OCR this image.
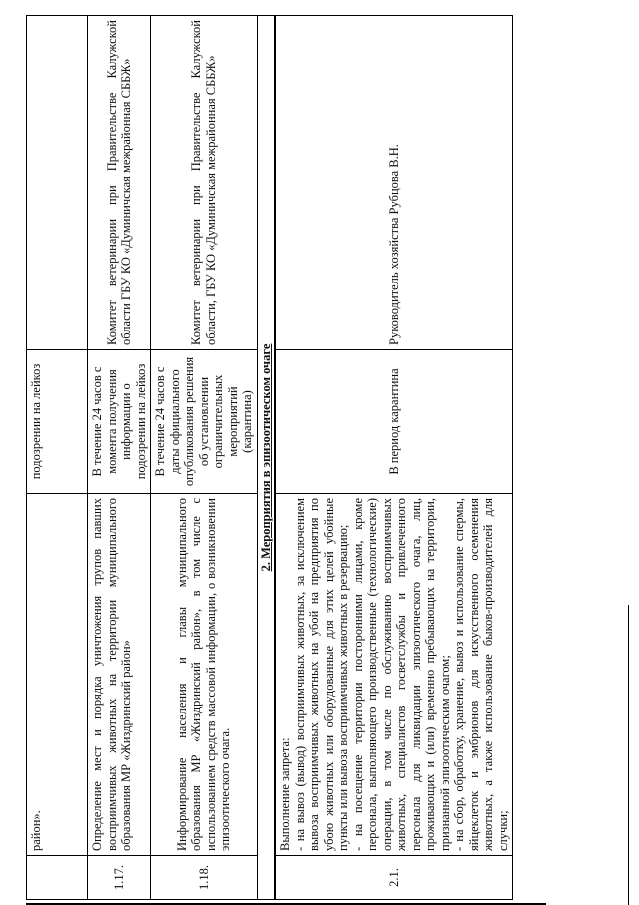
	район».	подозрении на лейкоз	
1.17.	Определение мест и порядка уничтожения трупов павших восприимчивых животных на территории муниципального образования МР «Жиздринский район»	В течение 24 часов с момента получения информации о подозрении на лейкоз	Комитет ветеринарии при Правительстве Калужской области ГБУ КО «Думиничская межрайонная СББЖ»
1.18.	Информирование населения и главы муниципального образования МР «Жиздринский район», в том числе с использованием средств массовой информации, о возникновении эпизоотического очага.	В течение 24 часов с даты официального опубликования решения об установлении ограничительных мероприятий (карантина)	Комитет ветеринарии при Правительстве Калужской области, ГБУ КО «Думиничская межрайонная СББЖ»
2. Мероприятия в эпизоотическом очаге			
2.1.	Выполнение запрета: - на вывоз (вывод) восприимчивых животных, за исключением вывоза восприимчивых животных на убой на предприятия по убою животных или оборудованные для этих целей убойные пункты или вывоза восприимчивых животных в резервацию; - на посещение территории посторонними лицами, кроме персонала, выполняющего производственные (технологические) операции, в том числе по обслуживанию восприимчивых животных, специалистов госветслужбы и привлеченного персонала для ликвидации эпизоотического очага, лиц, проживающих и (или) временно пребывающих на территории, признанной эпизоотическим очагом; - на сбор, обработку, хранение, вывоз и использование спермы, яйцеклеток и эмбрионов для искусственного осеменения животных, а также использование быков-производителей для случки;	В период карантина	Руководитель хозяйства Рубцова В.Н.
